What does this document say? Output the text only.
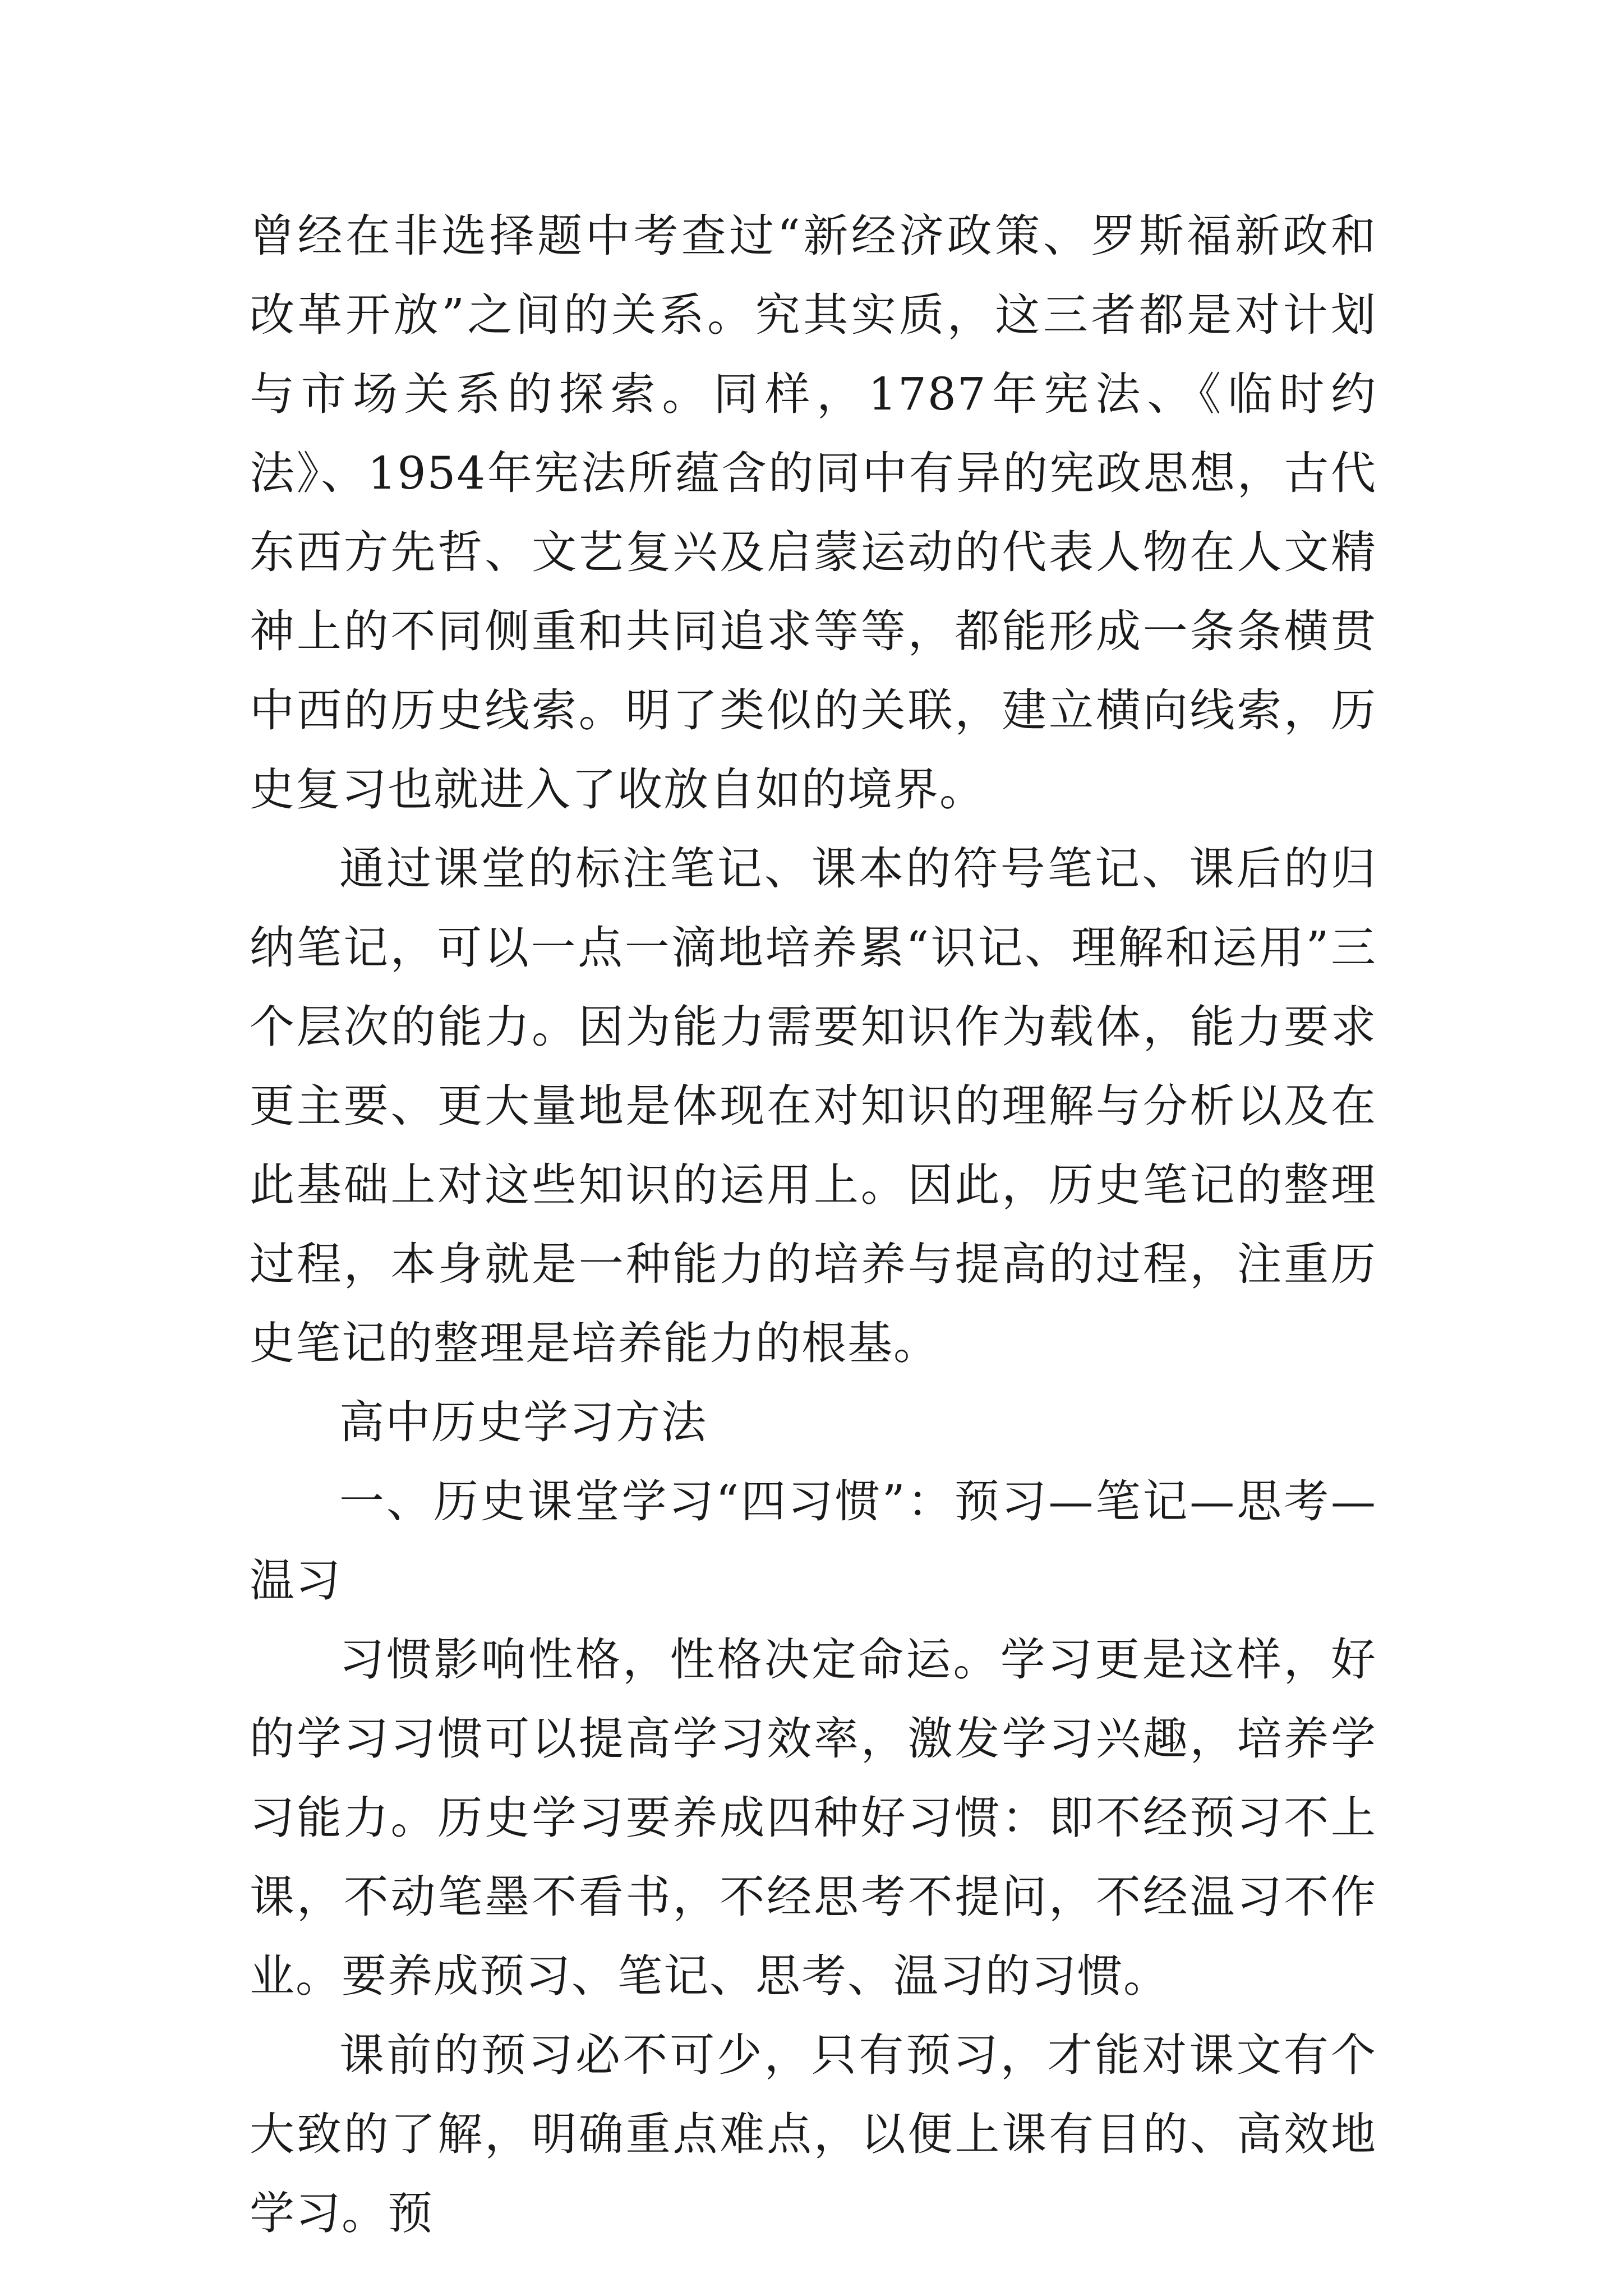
曾经在非选择题中考查过“新经济政策、罗斯福新政和改革开放”之间的关系。究其实质，这三者都是对计划与市场关系的探索。同样，1787年宪法、《临时约法》、1954年宪法所蕴含的同中有异的宪政思想，古代东西方先哲、文艺复兴及启蒙运动的代表人物在人文精神上的不同侧重和共同追求等等，都能形成一条条横贯中西的历史线索。明了类似的关联，建立横向线索，历史复习也就进入了收放自如的境界。

通过课堂的标注笔记、课本的符号笔记、课后的归纳笔记，可以一点一滴地培养累“识记、理解和运用”三个层次的能力。因为能力需要知识作为载体，能力要求更主要、更大量地是体现在对知识的理解与分析以及在此基础上对这些知识的运用上。因此，历史笔记的整理过程，本身就是一种能力的培养与提高的过程，注重历史笔记的整理是培养能力的根基。

高中历史学习方法

一、历史课堂学习“四习惯”：预习—笔记—思考—温习

习惯影响性格，性格决定命运。学习更是这样，好的学习习惯可以提高学习效率，激发学习兴趣，培养学习能力。历史学习要养成四种好习惯：即不经预习不上课，不动笔墨不看书，不经思考不提问，不经温习不作业。要养成预习、笔记、思考、温习的习惯。

课前的预习必不可少，只有预习，才能对课文有个大致的了解，明确重点难点，以便上课有目的、高效地学习。预
